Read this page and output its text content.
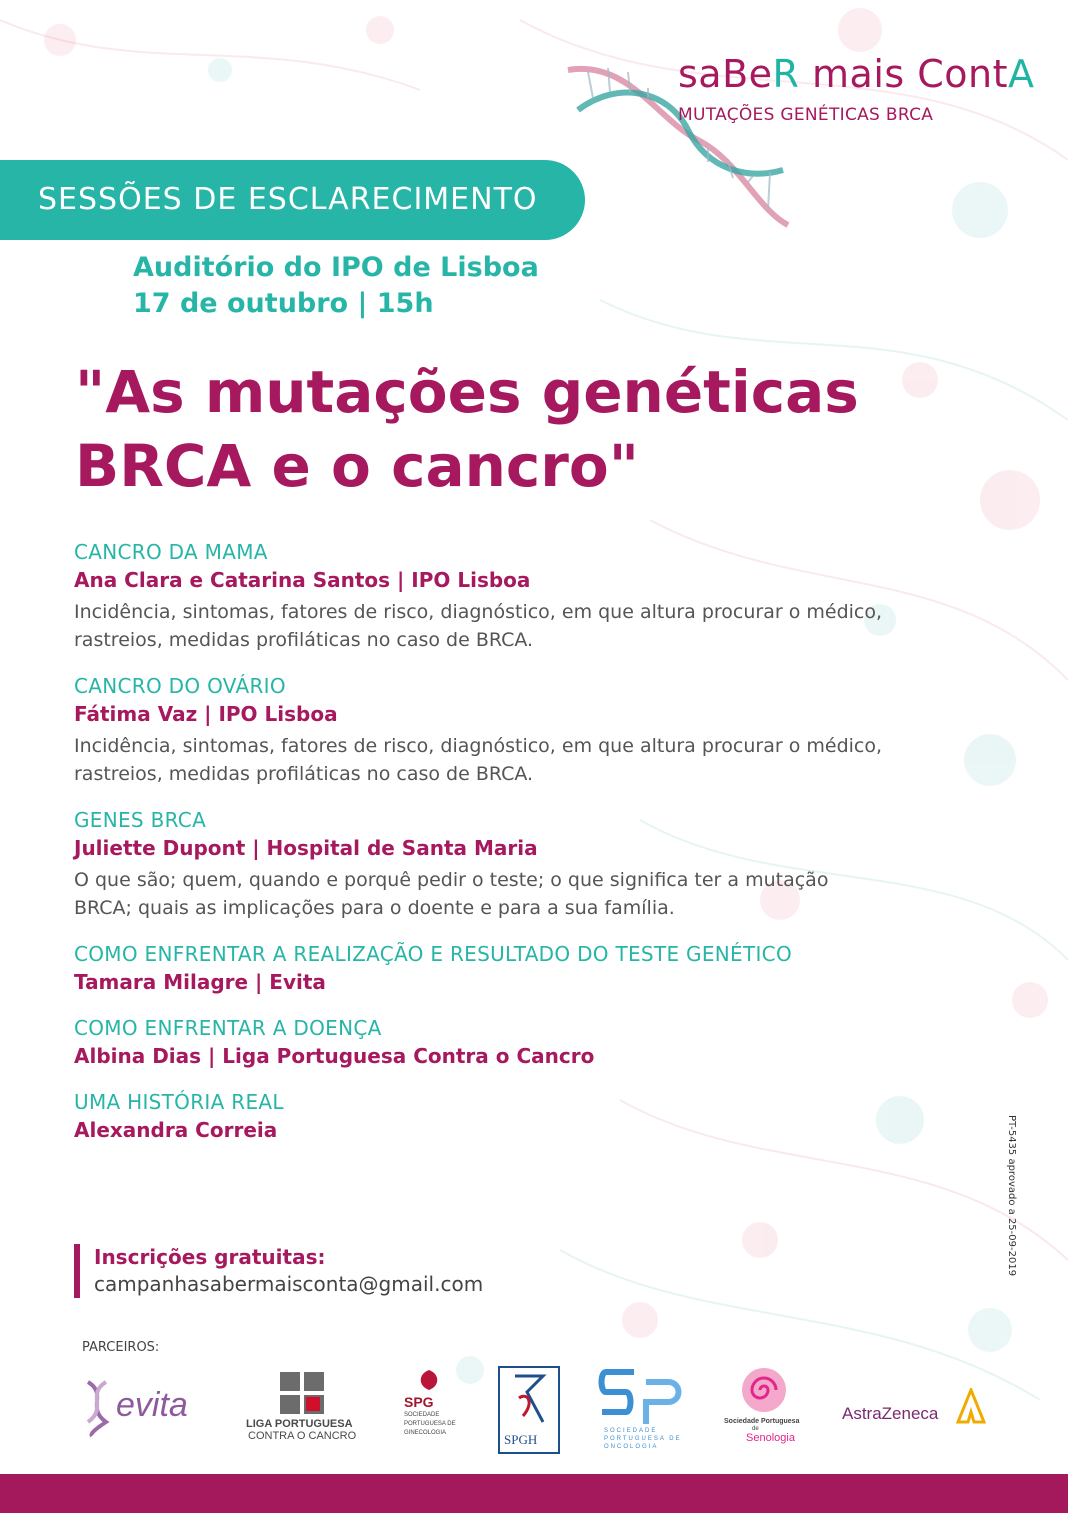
saBeR mais ContA
MUTAÇÕES GENÉTICAS BRCA
SESSÕES DE ESCLARECIMENTO
Auditório do IPO de Lisboa
17 de outubro | 15h
"As mutações genéticas
BRCA e o cancro"
CANCRO DA MAMA
Ana Clara e Catarina Santos | IPO Lisboa
Incidência, sintomas, fatores de risco, diagnóstico, em que altura procurar o médico,
rastreios, medidas profiláticas no caso de BRCA.
CANCRO DO OVÁRIO
Fátima Vaz | IPO Lisboa
Incidência, sintomas, fatores de risco, diagnóstico, em que altura procurar o médico,
rastreios, medidas profiláticas no caso de BRCA.
GENES BRCA
Juliette Dupont | Hospital de Santa Maria
O que são; quem, quando e porquê pedir o teste; o que significa ter a mutação
BRCA; quais as implicações para o doente e para a sua família.
COMO ENFRENTAR A REALIZAÇÃO E RESULTADO DO TESTE GENÉTICO
Tamara Milagre | Evita
COMO ENFRENTAR A DOENÇA
Albina Dias | Liga Portuguesa Contra o Cancro
UMA HISTÓRIA REAL
Alexandra Correia
Inscrições gratuitas:
campanhasabermaisconta@gmail.com
PT-5435 aprovado a 25-09-2019
PARCEIROS:
evita	LIGA PORTUGUESA
CONTRA O CANCRO
SPG
SOCIEDADE
PORTUGUESA DE
GINECOLOGIA	SPGH
SOCIEDADE
PORTUGUESA DE
ONCOLOGIA
Sociedade Portuguesa
de
Senologia
AstraZeneca
